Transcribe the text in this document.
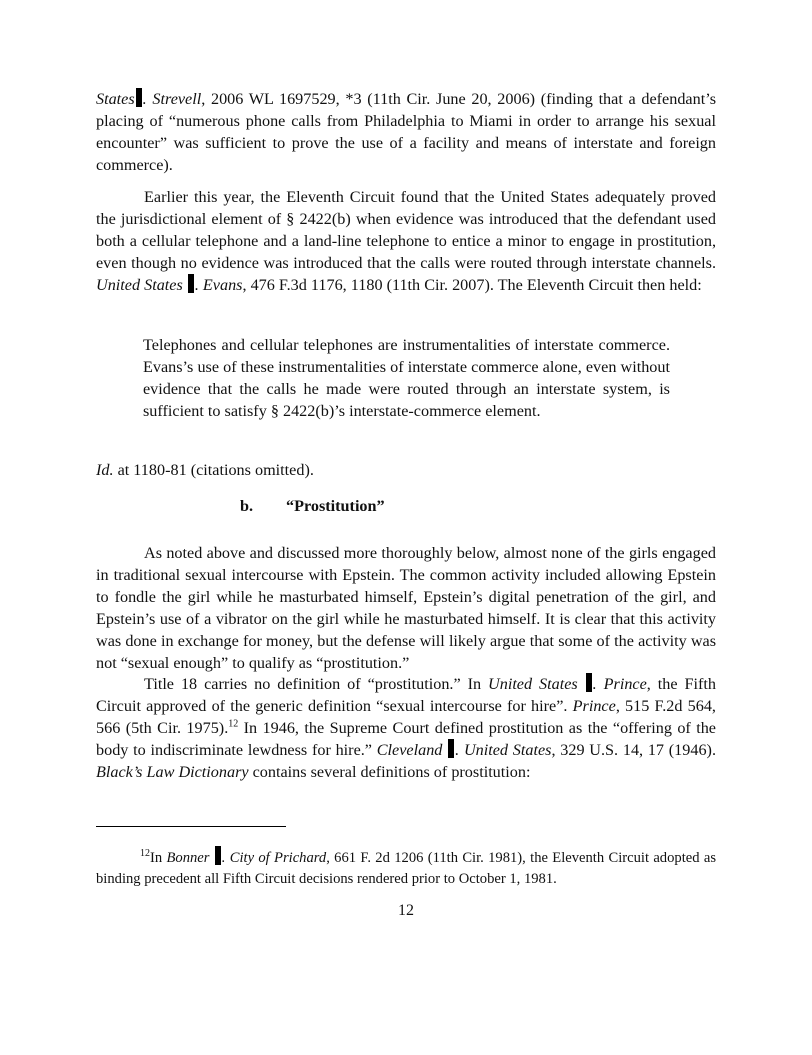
States . Strevell, 2006 WL 1697529, *3 (11th Cir. June 20, 2006) (finding that a defendant’s placing of “numerous phone calls from Philadelphia to Miami in order to arrange his sexual encounter” was sufficient to prove the use of a facility and means of interstate and foreign commerce).

Earlier this year, the Eleventh Circuit found that the United States adequately proved the jurisdictional element of § 2422(b) when evidence was introduced that the defendant used both a cellular telephone and a land-line telephone to entice a minor to engage in prostitution, even though no evidence was introduced that the calls were routed through interstate channels. United States . Evans, 476 F.3d 1176, 1180 (11th Cir. 2007). The Eleventh Circuit then held:

Telephones and cellular telephones are instrumentalities of interstate commerce. Evans’s use of these instrumentalities of interstate commerce alone, even without evidence that the calls he made were routed through an interstate system, is sufficient to satisfy § 2422(b)’s interstate-commerce element.

Id. at 1180-81 (citations omitted).

b. “Prostitution”

As noted above and discussed more thoroughly below, almost none of the girls engaged in traditional sexual intercourse with Epstein. The common activity included allowing Epstein to fondle the girl while he masturbated himself, Epstein’s digital penetration of the girl, and Epstein’s use of a vibrator on the girl while he masturbated himself. It is clear that this activity was done in exchange for money, but the defense will likely argue that some of the activity was not “sexual enough” to qualify as “prostitution.”

Title 18 carries no definition of “prostitution.” In United States . Prince, the Fifth Circuit approved of the generic definition “sexual intercourse for hire”. Prince, 515 F.2d 564, 566 (5th Cir. 1975).$^{12}$ In 1946, the Supreme Court defined prostitution as the “offering of the body to indiscriminate lewdness for hire.” Cleveland . United States, 329 U.S. 14, 17 (1946). Black’s Law Dictionary contains several definitions of prostitution:

$^{12}$In Bonner . City of Prichard, 661 F. 2d 1206 (11th Cir. 1981), the Eleventh Circuit adopted as binding precedent all Fifth Circuit decisions rendered prior to October 1, 1981.

12
